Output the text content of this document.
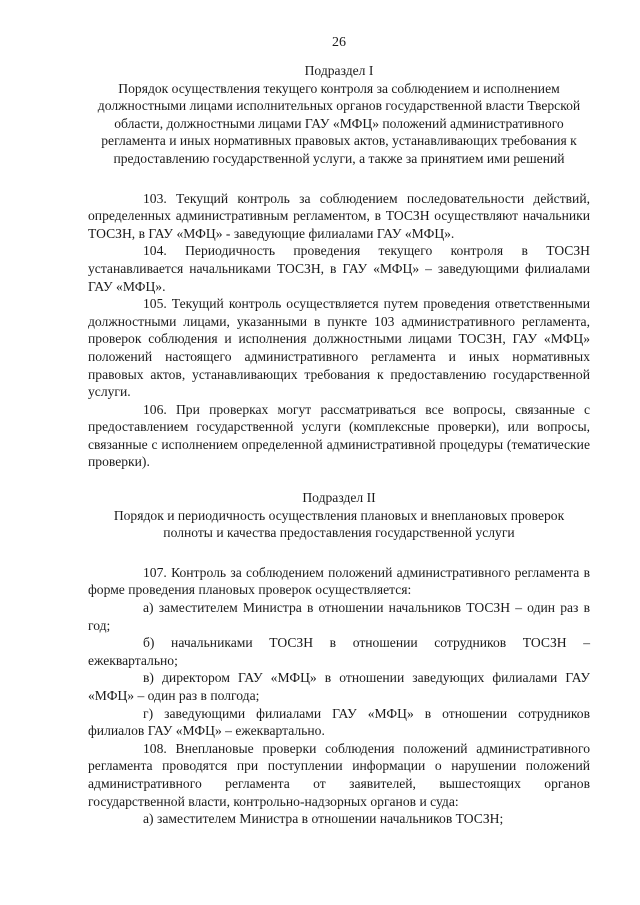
26
Подраздел I
Порядок осуществления текущего контроля за соблюдением и исполнением должностными лицами исполнительных органов государственной власти Тверской области, должностными лицами ГАУ «МФЦ» положений административного регламента и иных нормативных правовых актов, устанавливающих требования к предоставлению государственной услуги, а также за принятием ими решений

103. Текущий контроль за соблюдением последовательности действий, определенных административным регламентом, в ТОСЗН осуществляют начальники ТОСЗН, в ГАУ «МФЦ» - заведующие филиалами ГАУ «МФЦ».

104. Периодичность проведения текущего контроля в ТОСЗН устанавливается начальниками ТОСЗН, в ГАУ «МФЦ» – заведующими филиалами ГАУ «МФЦ».

105. Текущий контроль осуществляется путем проведения ответственными должностными лицами, указанными в пункте 103 административного регламента, проверок соблюдения и исполнения должностными лицами ТОСЗН, ГАУ «МФЦ» положений настоящего административного регламента и иных нормативных правовых актов, устанавливающих требования к предоставлению государственной услуги.

106. При проверках могут рассматриваться все вопросы, связанные с предоставлением государственной услуги (комплексные проверки), или вопросы, связанные с исполнением определенной административной процедуры (тематические проверки).

Подраздел II
Порядок и периодичность осуществления плановых и внеплановых проверок полноты и качества предоставления государственной услуги

107. Контроль за соблюдением положений административного регламента в форме проведения плановых проверок осуществляется:

а) заместителем Министра в отношении начальников ТОСЗН – один раз в год;

б) начальниками ТОСЗН в отношении сотрудников ТОСЗН – ежеквартально;

в) директором ГАУ «МФЦ» в отношении заведующих филиалами ГАУ «МФЦ» – один раз в полгода;

г) заведующими филиалами ГАУ «МФЦ» в отношении сотрудников филиалов ГАУ «МФЦ» – ежеквартально.

108. Внеплановые проверки соблюдения положений административного регламента проводятся при поступлении информации о нарушении положений административного регламента от заявителей, вышестоящих органов государственной власти, контрольно-надзорных органов и суда:

а) заместителем Министра в отношении начальников ТОСЗН;
